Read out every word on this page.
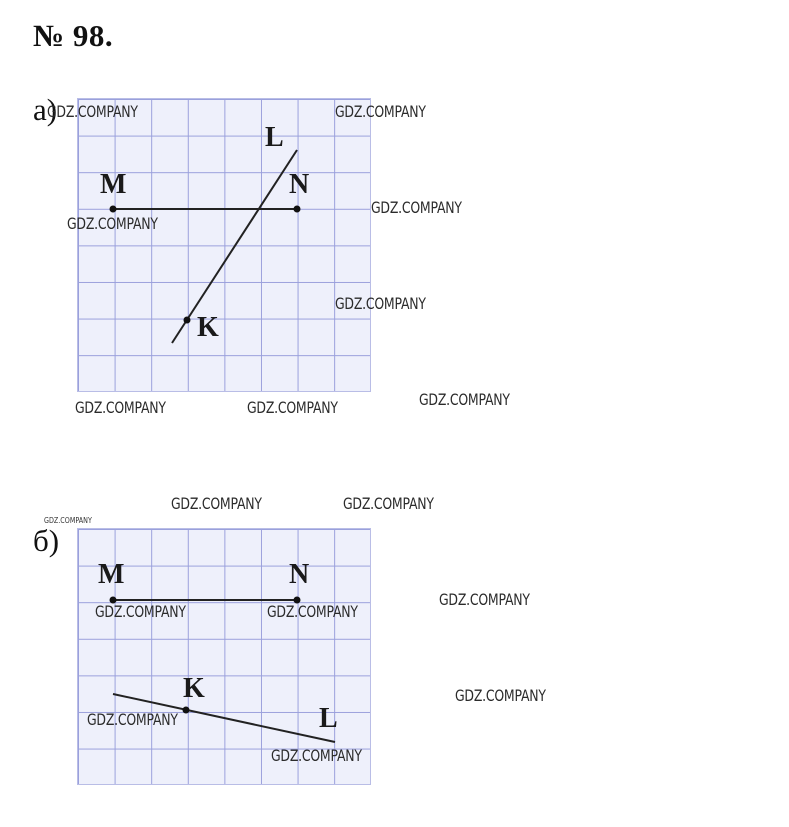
№ 98.
а)
M	N
L
K
б)
M	N
K
L
GDZ.COMPANY	GDZ.COMPANY
GDZ.COMPANY
GDZ.COMPANY
GDZ.COMPANY
GDZ.COMPANY
GDZ.COMPANY	GDZ.COMPANY
GDZ.COMPANY	GDZ.COMPANY
GDZ.COMPANY
GDZ.COMPANY
GDZ.COMPANY	GDZ.COMPANY
GDZ.COMPANY
GDZ.COMPANY
GDZ.COMPANY
